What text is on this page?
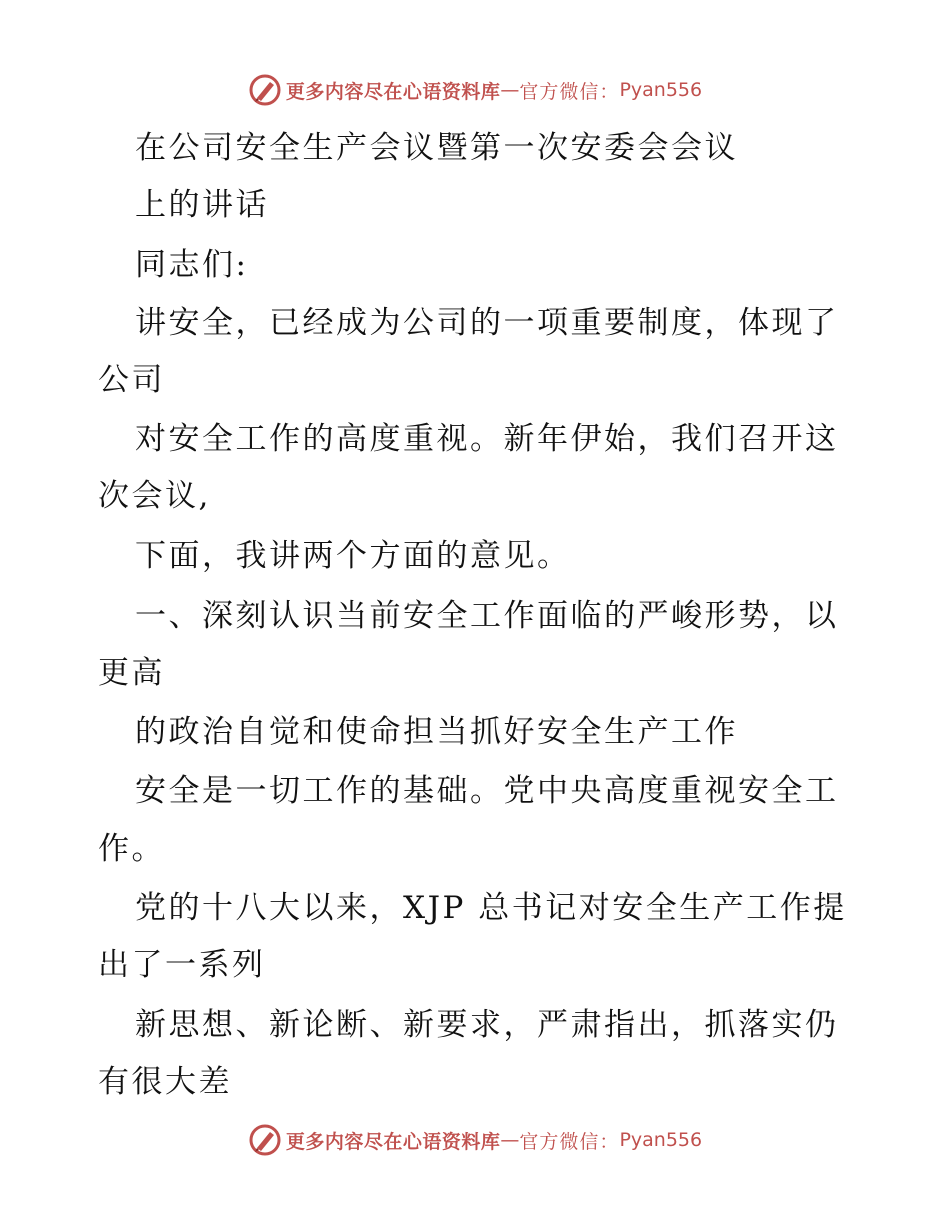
更多内容尽在心语资料库 — 官方微信： Pyan556
在公司安全生产会议暨第一次安委会会议
上的讲话
同志们:
讲安全，已经成为公司的一项重要制度，体现了
公司
对安全工作的高度重视。新年伊始，我们召开这
次会议,
下面，我讲两个方面的意见。
一、深刻认识当前安全工作面临的严峻形势，以
更高
的政治自觉和使命担当抓好安全生产工作
安全是一切工作的基础。党中央高度重视安全工
作。
党的十八大以来，XJP 总书记对安全生产工作提
出了一系列
新思想、新论断、新要求，严肃指出，抓落实仍
有很大差
更多内容尽在心语资料库 — 官方微信： Pyan556
